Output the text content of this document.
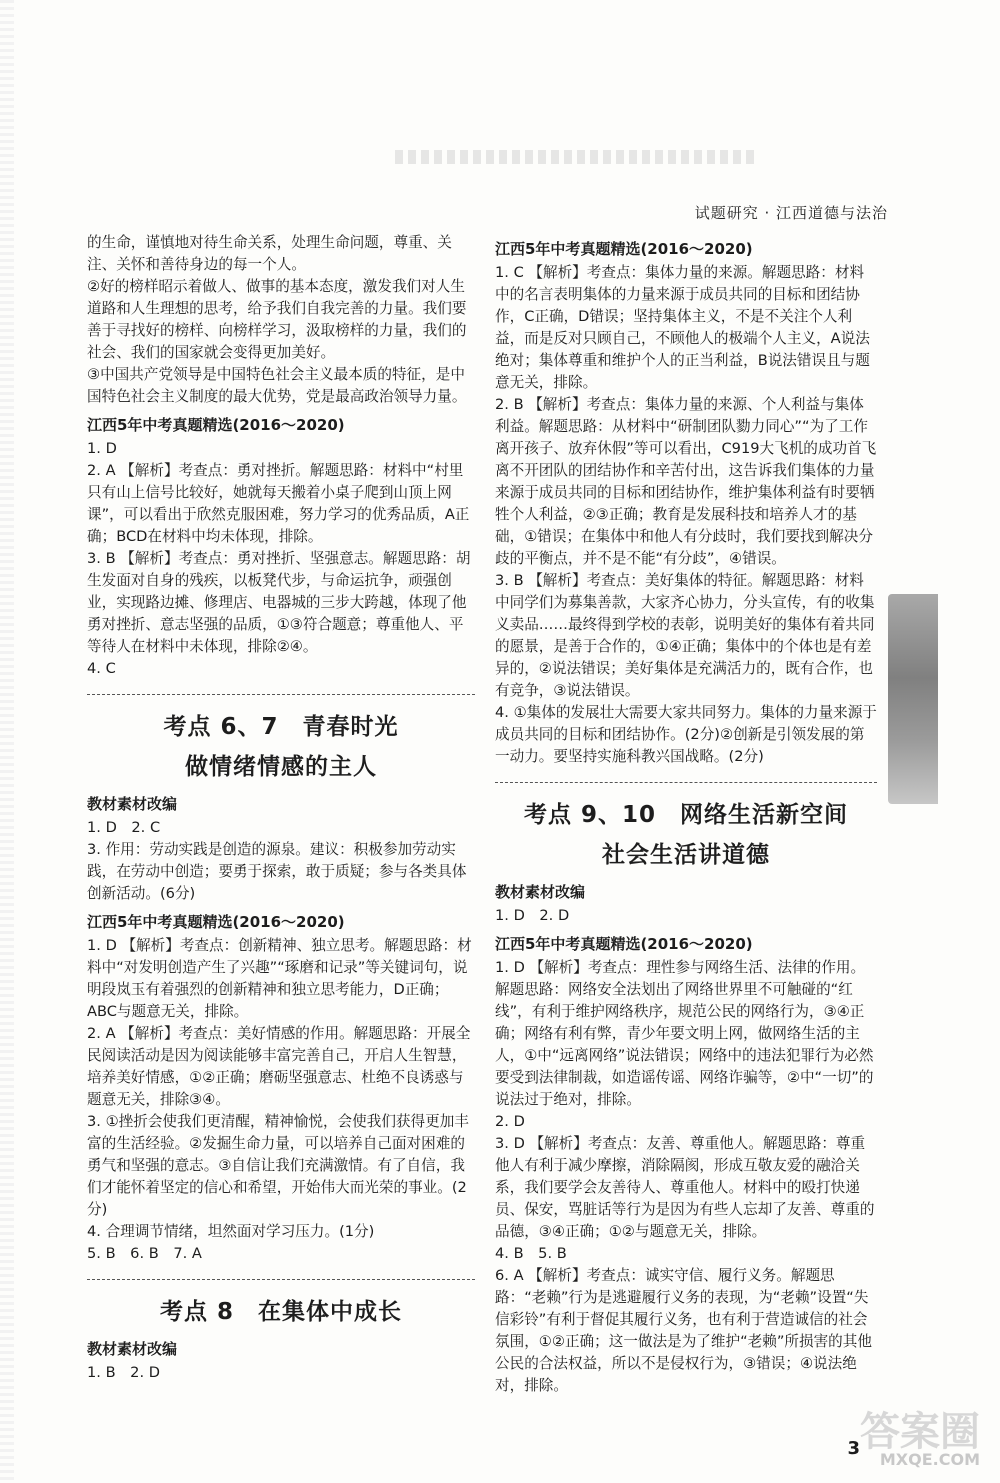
试题研究 · 江西道德与法治

的生命，谨慎地对待生命关系，处理生命问题，尊重、关注、关怀和善待身边的每一个人。

②好的榜样昭示着做人、做事的基本态度，激发我们对人生道路和人生理想的思考，给予我们自我完善的力量。我们要善于寻找好的榜样、向榜样学习，汲取榜样的力量，我们的社会、我们的国家就会变得更加美好。

③中国共产党领导是中国特色社会主义最本质的特征，是中国特色社会主义制度的最大优势，党是最高政治领导力量。

江西5年中考真题精选(2016～2020)

1. D

2. A 【解析】考查点：勇对挫折。解题思路：材料中“村里只有山上信号比较好，她就每天搬着小桌子爬到山顶上网课”，可以看出于欣然克服困难，努力学习的优秀品质，A正确；BCD在材料中均未体现，排除。

3. B 【解析】考查点：勇对挫折、坚强意志。解题思路：胡生发面对自身的残疾，以板凳代步，与命运抗争，顽强创业，实现路边摊、修理店、电器城的三步大跨越，体现了他勇对挫折、意志坚强的品质，①③符合题意；尊重他人、平等待人在材料中未体现，排除②④。

4. C

考点 6、7　青春时光

做情绪情感的主人

教材素材改编

1. D　2. C

3. 作用：劳动实践是创造的源泉。建议：积极参加劳动实践，在劳动中创造；要勇于探索，敢于质疑；参与各类具体创新活动。(6分)

江西5年中考真题精选(2016～2020)

1. D 【解析】考查点：创新精神、独立思考。解题思路：材料中“对发明创造产生了兴趣”“琢磨和记录”等关键词句，说明段岚玉有着强烈的创新精神和独立思考能力，D正确；ABC与题意无关，排除。

2. A 【解析】考查点：美好情感的作用。解题思路：开展全民阅读活动是因为阅读能够丰富完善自己，开启人生智慧，培养美好情感，①②正确；磨砺坚强意志、杜绝不良诱惑与题意无关，排除③④。

3. ①挫折会使我们更清醒，精神愉悦，会使我们获得更加丰富的生活经验。②发掘生命力量，可以培养自己面对困难的勇气和坚强的意志。③自信让我们充满激情。有了自信，我们才能怀着坚定的信心和希望，开始伟大而光荣的事业。(2分)

4. 合理调节情绪，坦然面对学习压力。(1分)

5. B　6. B　7. A

考点 8　在集体中成长

教材素材改编

1. B　2. D

江西5年中考真题精选(2016～2020)

1. C 【解析】考查点：集体力量的来源。解题思路：材料中的名言表明集体的力量来源于成员共同的目标和团结协作，C正确，D错误；坚持集体主义，不是不关注个人利益，而是反对只顾自己，不顾他人的极端个人主义，A说法绝对；集体尊重和维护个人的正当利益，B说法错误且与题意无关，排除。

2. B 【解析】考查点：集体力量的来源、个人利益与集体利益。解题思路：从材料中“研制团队勠力同心”“为了工作离开孩子、放弃休假”等可以看出，C919大飞机的成功首飞离不开团队的团结协作和辛苦付出，这告诉我们集体的力量来源于成员共同的目标和团结协作，维护集体利益有时要牺牲个人利益，②③正确；教育是发展科技和培养人才的基础，①错误；在集体中和他人有分歧时，我们要找到解决分歧的平衡点，并不是不能“有分歧”，④错误。

3. B 【解析】考查点：美好集体的特征。解题思路：材料中同学们为募集善款，大家齐心协力，分头宣传，有的收集义卖品……最终得到学校的表彰，说明美好的集体有着共同的愿景，是善于合作的，①④正确；集体中的个体也是有差异的，②说法错误；美好集体是充满活力的，既有合作，也有竞争，③说法错误。

4. ①集体的发展壮大需要大家共同努力。集体的力量来源于成员共同的目标和团结协作。(2分)②创新是引领发展的第一动力。要坚持实施科教兴国战略。(2分)

考点 9、10　网络生活新空间

社会生活讲道德

教材素材改编

1. D　2. D

江西5年中考真题精选(2016～2020)

1. D 【解析】考查点：理性参与网络生活、法律的作用。解题思路：网络安全法划出了网络世界里不可触碰的“红线”，有利于维护网络秩序，规范公民的网络行为，③④正确；网络有利有弊，青少年要文明上网，做网络生活的主人，①中“远离网络”说法错误；网络中的违法犯罪行为必然要受到法律制裁，如造谣传谣、网络诈骗等，②中“一切”的说法过于绝对，排除。

2. D

3. D 【解析】考查点：友善、尊重他人。解题思路：尊重他人有利于减少摩擦，消除隔阂，形成互敬友爱的融洽关系，我们要学会友善待人、尊重他人。材料中的殴打快递员、保安，骂脏话等行为是因为有些人忘却了友善、尊重的品德，③④正确；①②与题意无关，排除。

4. B　5. B

6. A 【解析】考查点：诚实守信、履行义务。解题思路：“老赖”行为是逃避履行义务的表现，为“老赖”设置“失信彩铃”有利于督促其履行义务，也有利于营造诚信的社会氛围，①②正确；这一做法是为了维护“老赖”所损害的其他公民的合法权益，所以不是侵权行为，③错误；④说法绝对，排除。

3 答案圈
MXQE.COM
